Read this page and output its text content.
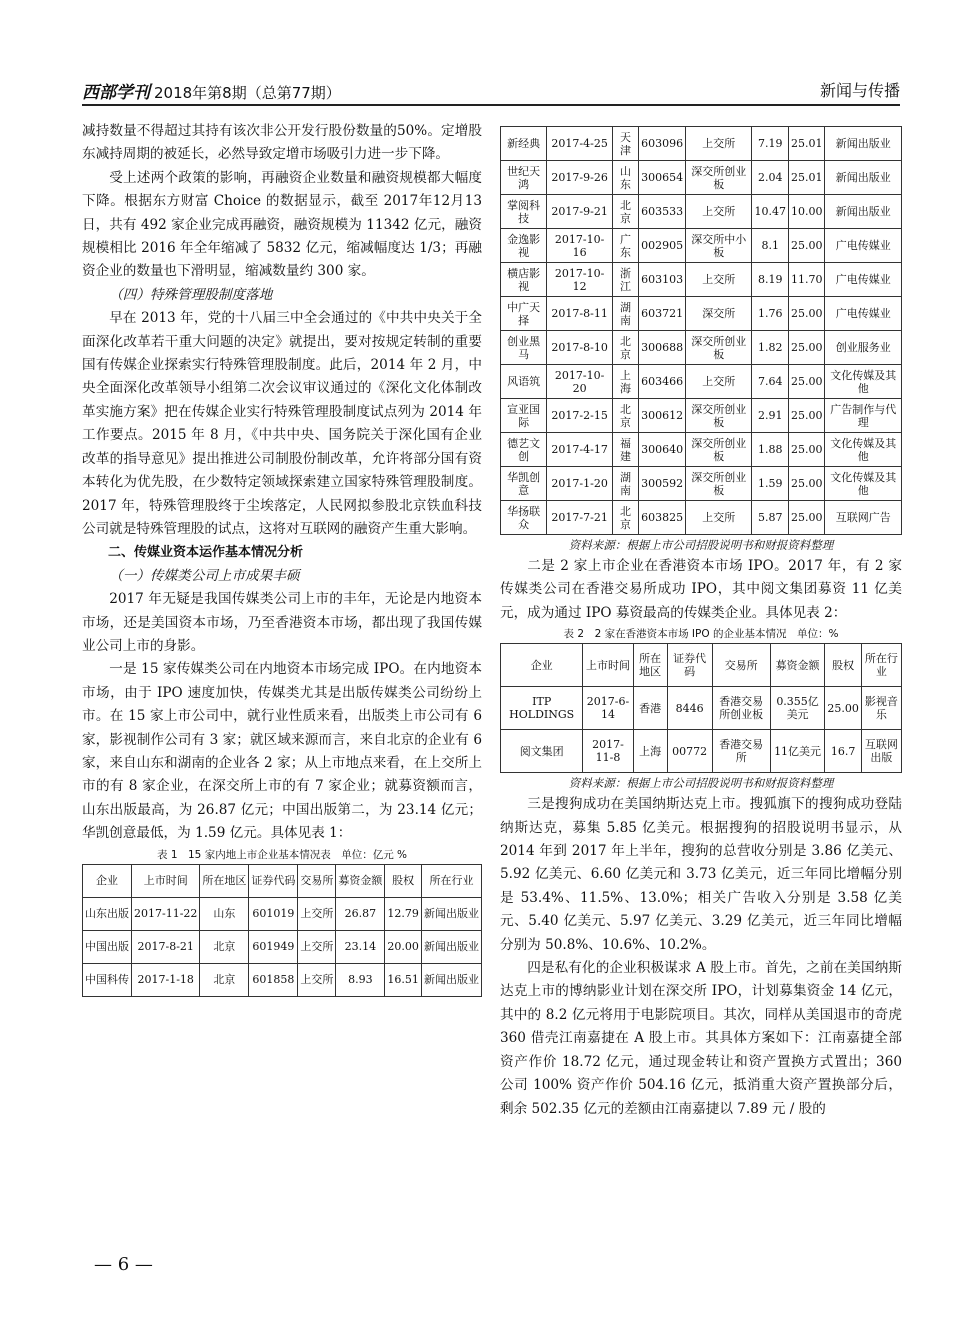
西部学刊 2018年第8期（总第77期）	新闻与传播

减持数量不得超过其持有该次非公开发行股份数量的50%。定增股东减持周期的被延长，必然导致定增市场吸引力进一步下降。

受上述两个政策的影响，再融资企业数量和融资规模都大幅度下降。根据东方财富 Choice 的数据显示，截至 2017年12月13日，共有 492 家企业完成再融资，融资规模为 11342 亿元，融资规模相比 2016 年全年缩减了 5832 亿元，缩减幅度达 1/3；再融资企业的数量也下滑明显，缩减数量约 300 家。

（四）特殊管理股制度落地

早在 2013 年，党的十八届三中全会通过的《中共中央关于全面深化改革若干重大问题的决定》就提出，要对按规定转制的重要国有传媒企业探索实行特殊管理股制度。此后，2014 年 2 月，中央全面深化改革领导小组第二次会议审议通过的《深化文化体制改革实施方案》把在传媒企业实行特殊管理股制度试点列为 2014 年工作要点。2015 年 8 月，《中共中央、国务院关于深化国有企业改革的指导意见》提出推进公司制股份制改革，允许将部分国有资本转化为优先股，在少数特定领域探索建立国家特殊管理股制度。2017 年，特殊管理股终于尘埃落定，人民网拟参股北京铁血科技公司就是特殊管理股的试点，这将对互联网的融资产生重大影响。

二、传媒业资本运作基本情况分析

（一）传媒类公司上市成果丰硕

2017 年无疑是我国传媒类公司上市的丰年，无论是内地资本市场，还是美国资本市场，乃至香港资本市场，都出现了我国传媒业公司上市的身影。

一是 15 家传媒类公司在内地资本市场完成 IPO。在内地资本市场，由于 IPO 速度加快，传媒类尤其是出版传媒类公司纷纷上市。在 15 家上市公司中，就行业性质来看，出版类上市公司有 6 家，影视制作公司有 3 家；就区域来源而言，来自北京的企业有 6 家，来自山东和湖南的企业各 2 家；从上市地点来看，在上交所上市的有 8 家企业，在深交所上市的有 7 家企业；就募资额而言，山东出版最高，为 26.87 亿元；中国出版第二，为 23.14 亿元；华凯创意最低，为 1.59 亿元。具体见表 1：

表 1　15 家内地上市企业基本情况表　单位：亿元 %
企业	上市时间	所在地区	证券代码	交易所	募资金额	股权	所在行业
山东出版	2017-11-22	山东	601019	上交所	26.87	12.79	新闻出版业
中国出版	2017-8-21	北京	601949	上交所	23.14	20.00	新闻出版业
中国科传	2017-1-18	北京	601858	上交所	8.93	16.51	新闻出版业
新经典	2017-4-25	天津	603096	上交所	7.19	25.01	新闻出版业
世纪天鸿	2017-9-26	山东	300654	深交所创业板	2.04	25.01	新闻出版业
掌阅科技	2017-9-21	北京	603533	上交所	10.47	10.00	新闻出版业
金逸影视	2017-10-16	广东	002905	深交所中小板	8.1	25.00	广电传媒业
横店影视	2017-10-12	浙江	603103	上交所	8.19	11.70	广电传媒业
中广天择	2017-8-11	湖南	603721	深交所	1.76	25.00	广电传媒业
创业黑马	2017-8-10	北京	300688	深交所创业板	1.82	25.00	创业服务业
风语筑	2017-10-20	上海	603466	上交所	7.64	25.00	文化传媒及其他
宣亚国际	2017-2-15	北京	300612	深交所创业板	2.91	25.00	广告制作与代理
德艺文创	2017-4-17	福建	300640	深交所创业板	1.88	25.00	文化传媒及其他
华凯创意	2017-1-20	湖南	300592	深交所创业板	1.59	25.00	文化传媒及其他
华扬联众	2017-7-21	北京	603825	上交所	5.87	25.00	互联网广告
资料来源：根据上市公司招股说明书和财报资料整理

二是 2 家上市企业在香港资本市场 IPO。2017 年，有 2 家传媒类公司在香港交易所成功 IPO，其中阅文集团募资 11 亿美元，成为通过 IPO 募资最高的传媒类企业。具体见表 2：

表 2　2 家在香港资本市场 IPO 的企业基本情况　单位：%
企业	上市时间	所在地区	证券代码	交易所	募资金额	股权	所在行业
ITP HOLDINGS	2017-6-14	香港	8446	香港交易所创业板	0.355亿美元	25.00	影视音乐
阅文集团	2017-11-8	上海	00772	香港交易所	11亿美元	16.7	互联网出版
资料来源：根据上市公司招股说明书和财报资料整理

三是搜狗成功在美国纳斯达克上市。搜狐旗下的搜狗成功登陆纳斯达克，募集 5.85 亿美元。根据搜狗的招股说明书显示，从 2014 年到 2017 年上半年，搜狗的总营收分别是 3.86 亿美元、5.92 亿美元、6.60 亿美元和 3.73 亿美元，近三年同比增幅分别是 53.4%、11.5%、13.0%；相关广告收入分别是 3.58 亿美元、5.40 亿美元、5.97 亿美元、3.29 亿美元，近三年同比增幅分别为 50.8%、10.6%、10.2%。

四是私有化的企业积极谋求 A 股上市。首先，之前在美国纳斯达克上市的博纳影业计划在深交所 IPO，计划募集资金 14 亿元，其中的 8.2 亿元将用于电影院项目。其次，同样从美国退市的奇虎 360 借壳江南嘉捷在 A 股上市。其具体方案如下：江南嘉捷全部资产作价 18.72 亿元，通过现金转让和资产置换方式置出；360 公司 100% 资产作价 504.16 亿元，抵消重大资产置换部分后，剩余 502.35 亿元的差额由江南嘉捷以 7.89 元 / 股的

— 6 —
